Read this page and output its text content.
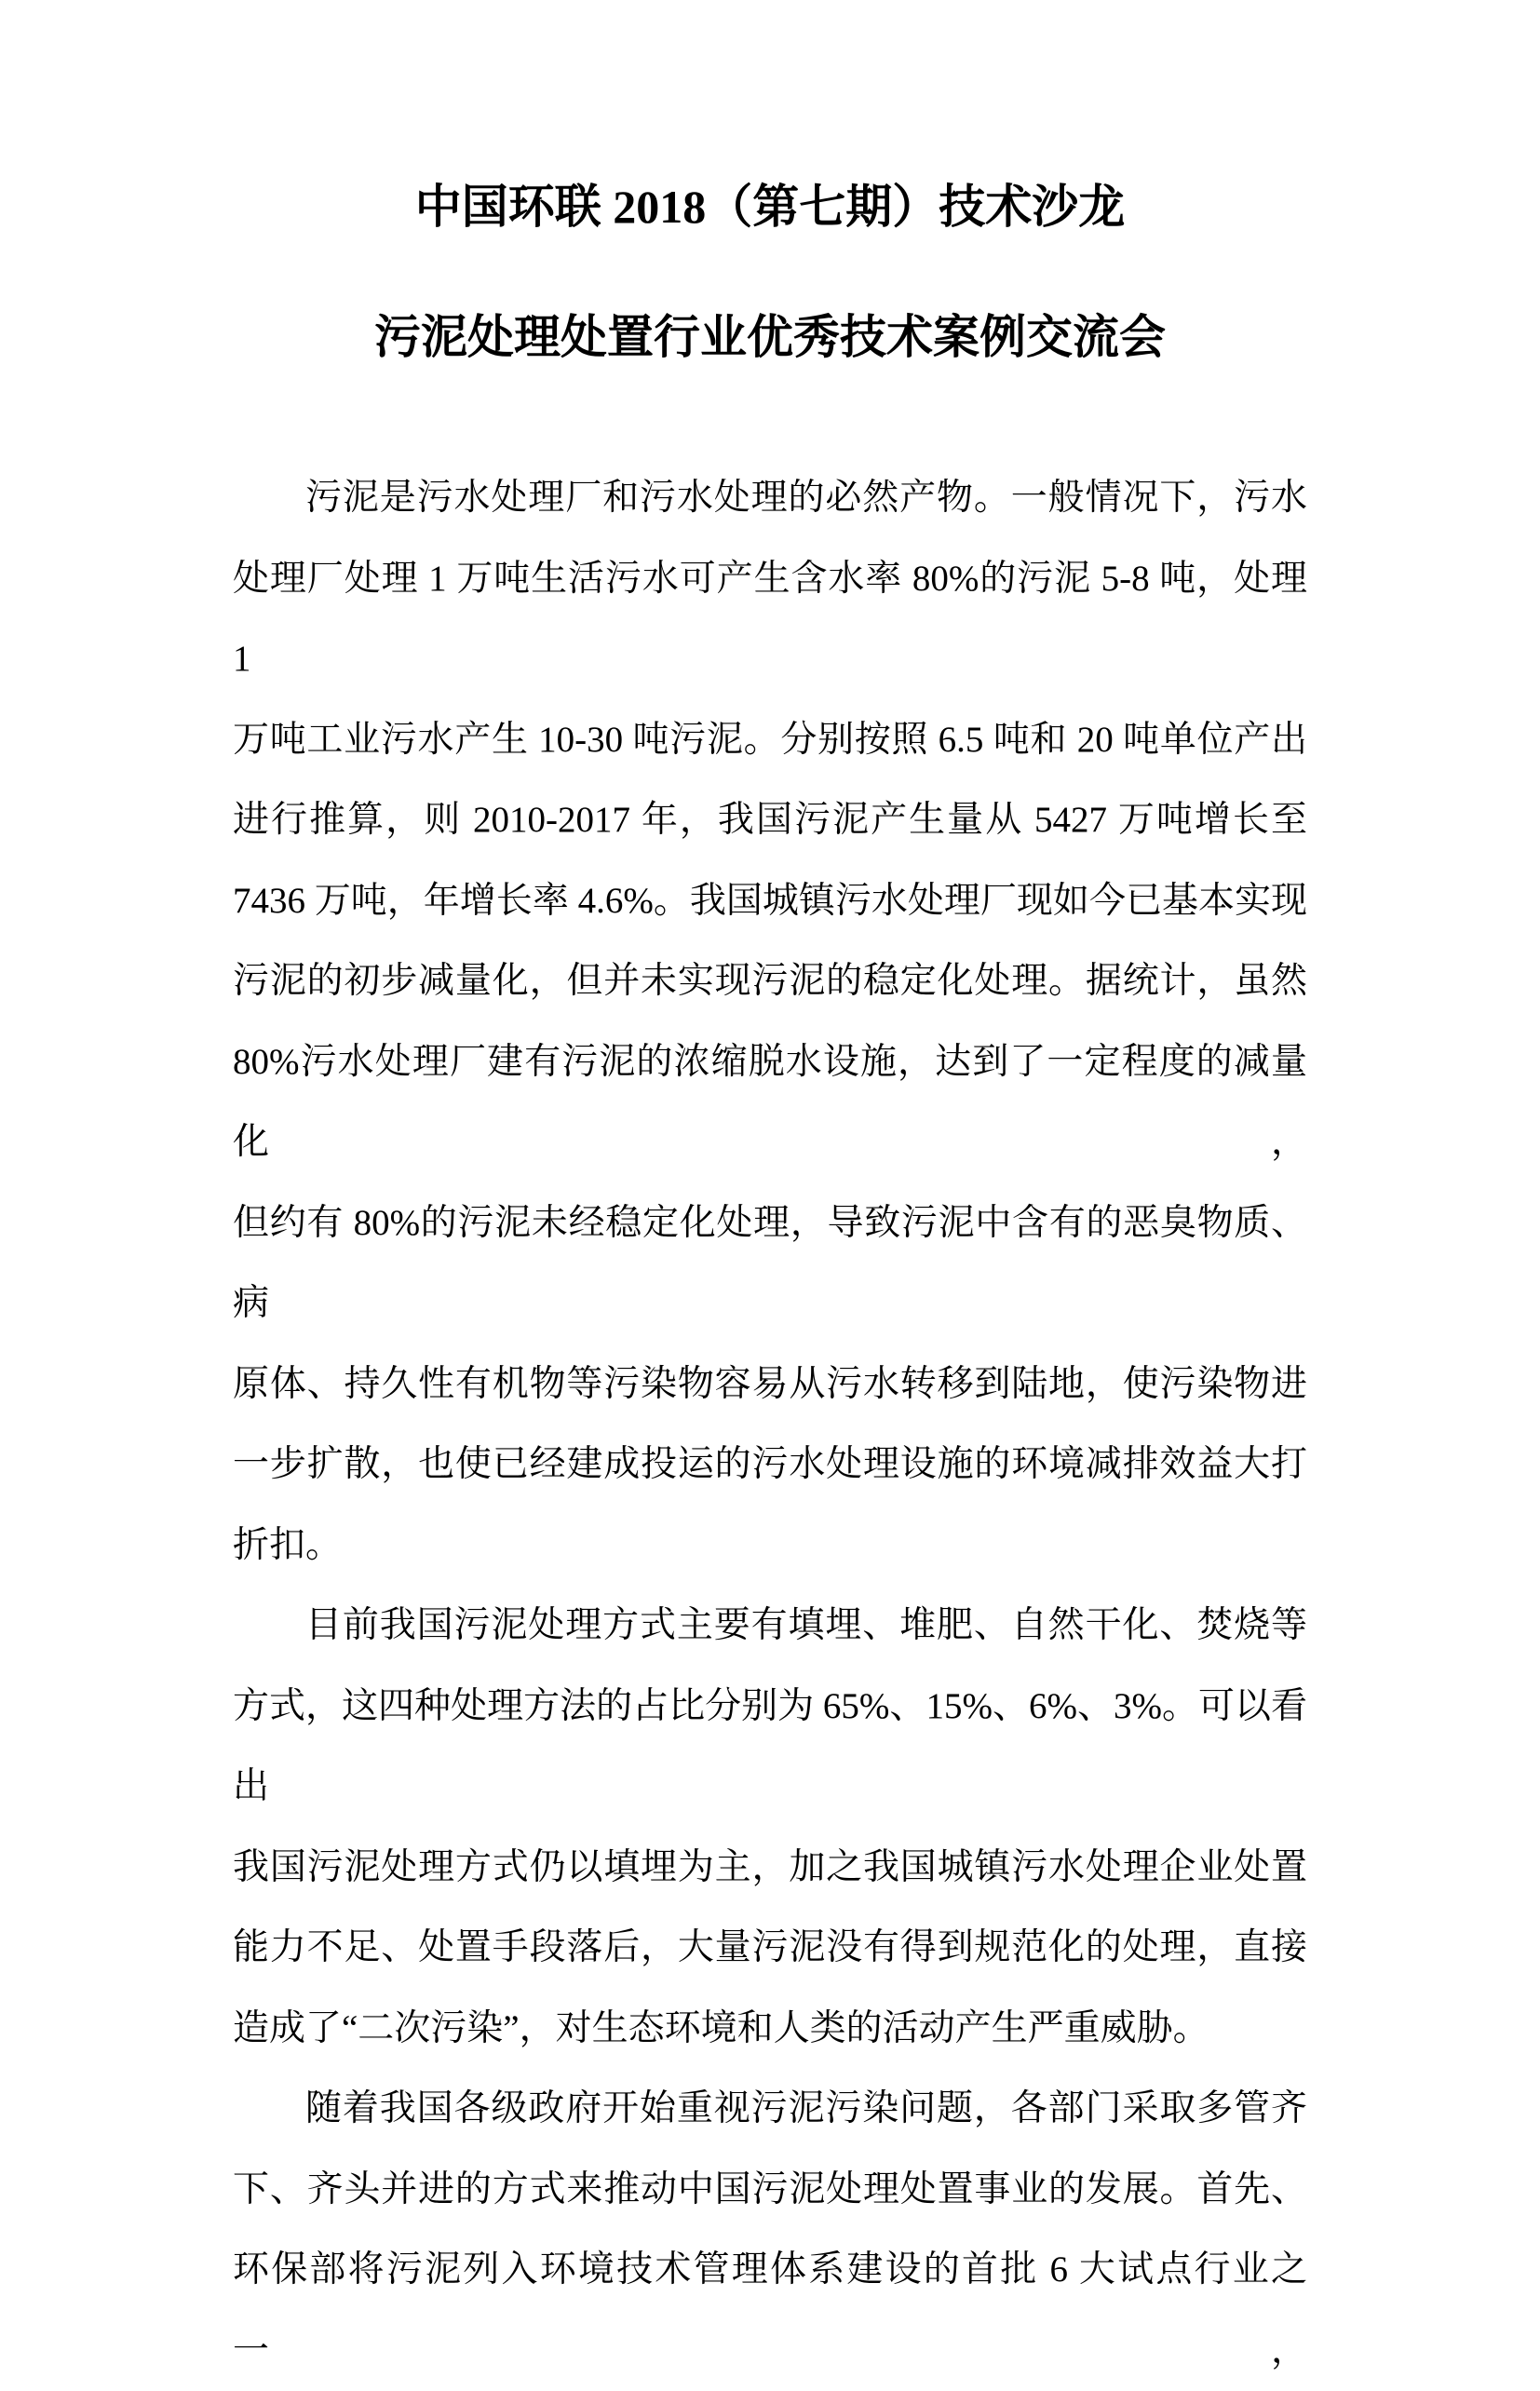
中国环联 2018（第七期）技术沙龙
污泥处理处置行业优秀技术案例交流会
污泥是污水处理厂和污水处理的必然产物。一般情况下，污水
处理厂处理 1 万吨生活污水可产生含水率 80%的污泥 5-8 吨，处理 1
万吨工业污水产生 10-30 吨污泥。分别按照 6.5 吨和 20 吨单位产出
进行推算，则 2010-2017 年，我国污泥产生量从 5427 万吨增长至
7436 万吨，年增长率 4.6%。我国城镇污水处理厂现如今已基本实现
污泥的初步减量化，但并未实现污泥的稳定化处理。据统计，虽然
80%污水处理厂建有污泥的浓缩脱水设施，达到了一定程度的减量化，
但约有 80%的污泥未经稳定化处理，导致污泥中含有的恶臭物质、病
原体、持久性有机物等污染物容易从污水转移到陆地，使污染物进
一步扩散，也使已经建成投运的污水处理设施的环境减排效益大打
折扣。
目前我国污泥处理方式主要有填埋、堆肥、自然干化、焚烧等
方式，这四种处理方法的占比分别为 65%、15%、6%、3%。可以看出
我国污泥处理方式仍以填埋为主，加之我国城镇污水处理企业处置
能力不足、处置手段落后，大量污泥没有得到规范化的处理，直接
造成了“二次污染”，对生态环境和人类的活动产生严重威胁。
随着我国各级政府开始重视污泥污染问题，各部门采取多管齐
下、齐头并进的方式来推动中国污泥处理处置事业的发展。首先、
环保部将污泥列入环境技术管理体系建设的首批 6 大试点行业之一，
